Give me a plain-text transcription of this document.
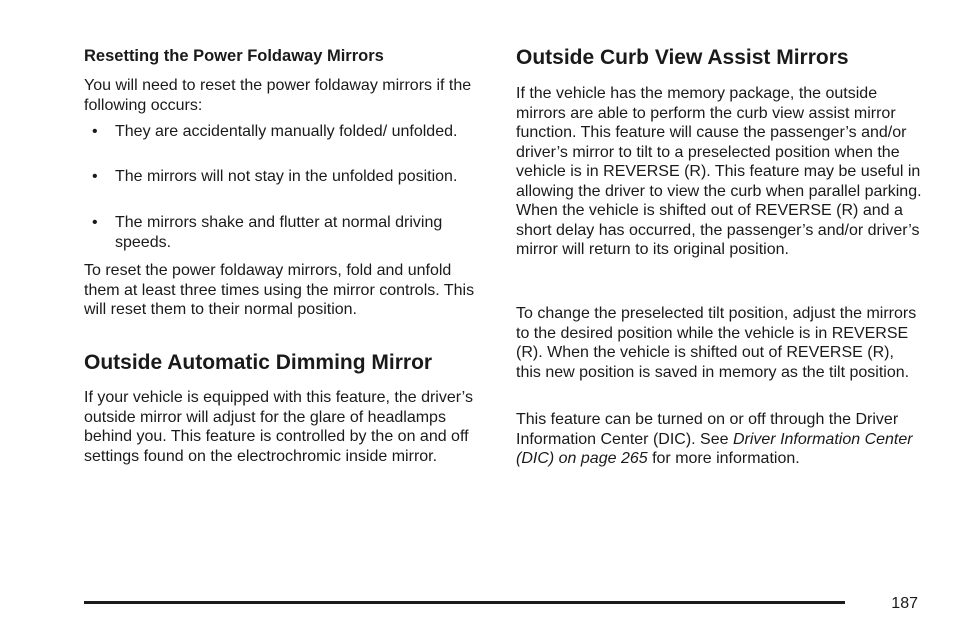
Resetting the Power Foldaway Mirrors

You will need to reset the power foldaway mirrors if the following occurs:

• They are accidentally manually folded/ unfolded.
• The mirrors will not stay in the unfolded position.
• The mirrors shake and flutter at normal driving speeds.

To reset the power foldaway mirrors, fold and unfold them at least three times using the mirror controls. This will reset them to their normal position.

Outside Automatic Dimming Mirror

If your vehicle is equipped with this feature, the driver’s outside mirror will adjust for the glare of headlamps behind you. This feature is controlled by the on and off settings found on the electrochromic inside mirror.

Outside Curb View Assist Mirrors

If the vehicle has the memory package, the outside mirrors are able to perform the curb view assist mirror function. This feature will cause the passenger’s and/or driver’s mirror to tilt to a preselected position when the vehicle is in REVERSE (R). This feature may be useful in allowing the driver to view the curb when parallel parking. When the vehicle is shifted out of REVERSE (R) and a short delay has occurred, the passenger’s and/or driver’s mirror will return to its original position.

To change the preselected tilt position, adjust the mirrors to the desired position while the vehicle is in REVERSE (R). When the vehicle is shifted out of REVERSE (R), this new position is saved in memory as the tilt position.

This feature can be turned on or off through the Driver Information Center (DIC). See Driver Information Center (DIC) on page 265 for more information.

187
